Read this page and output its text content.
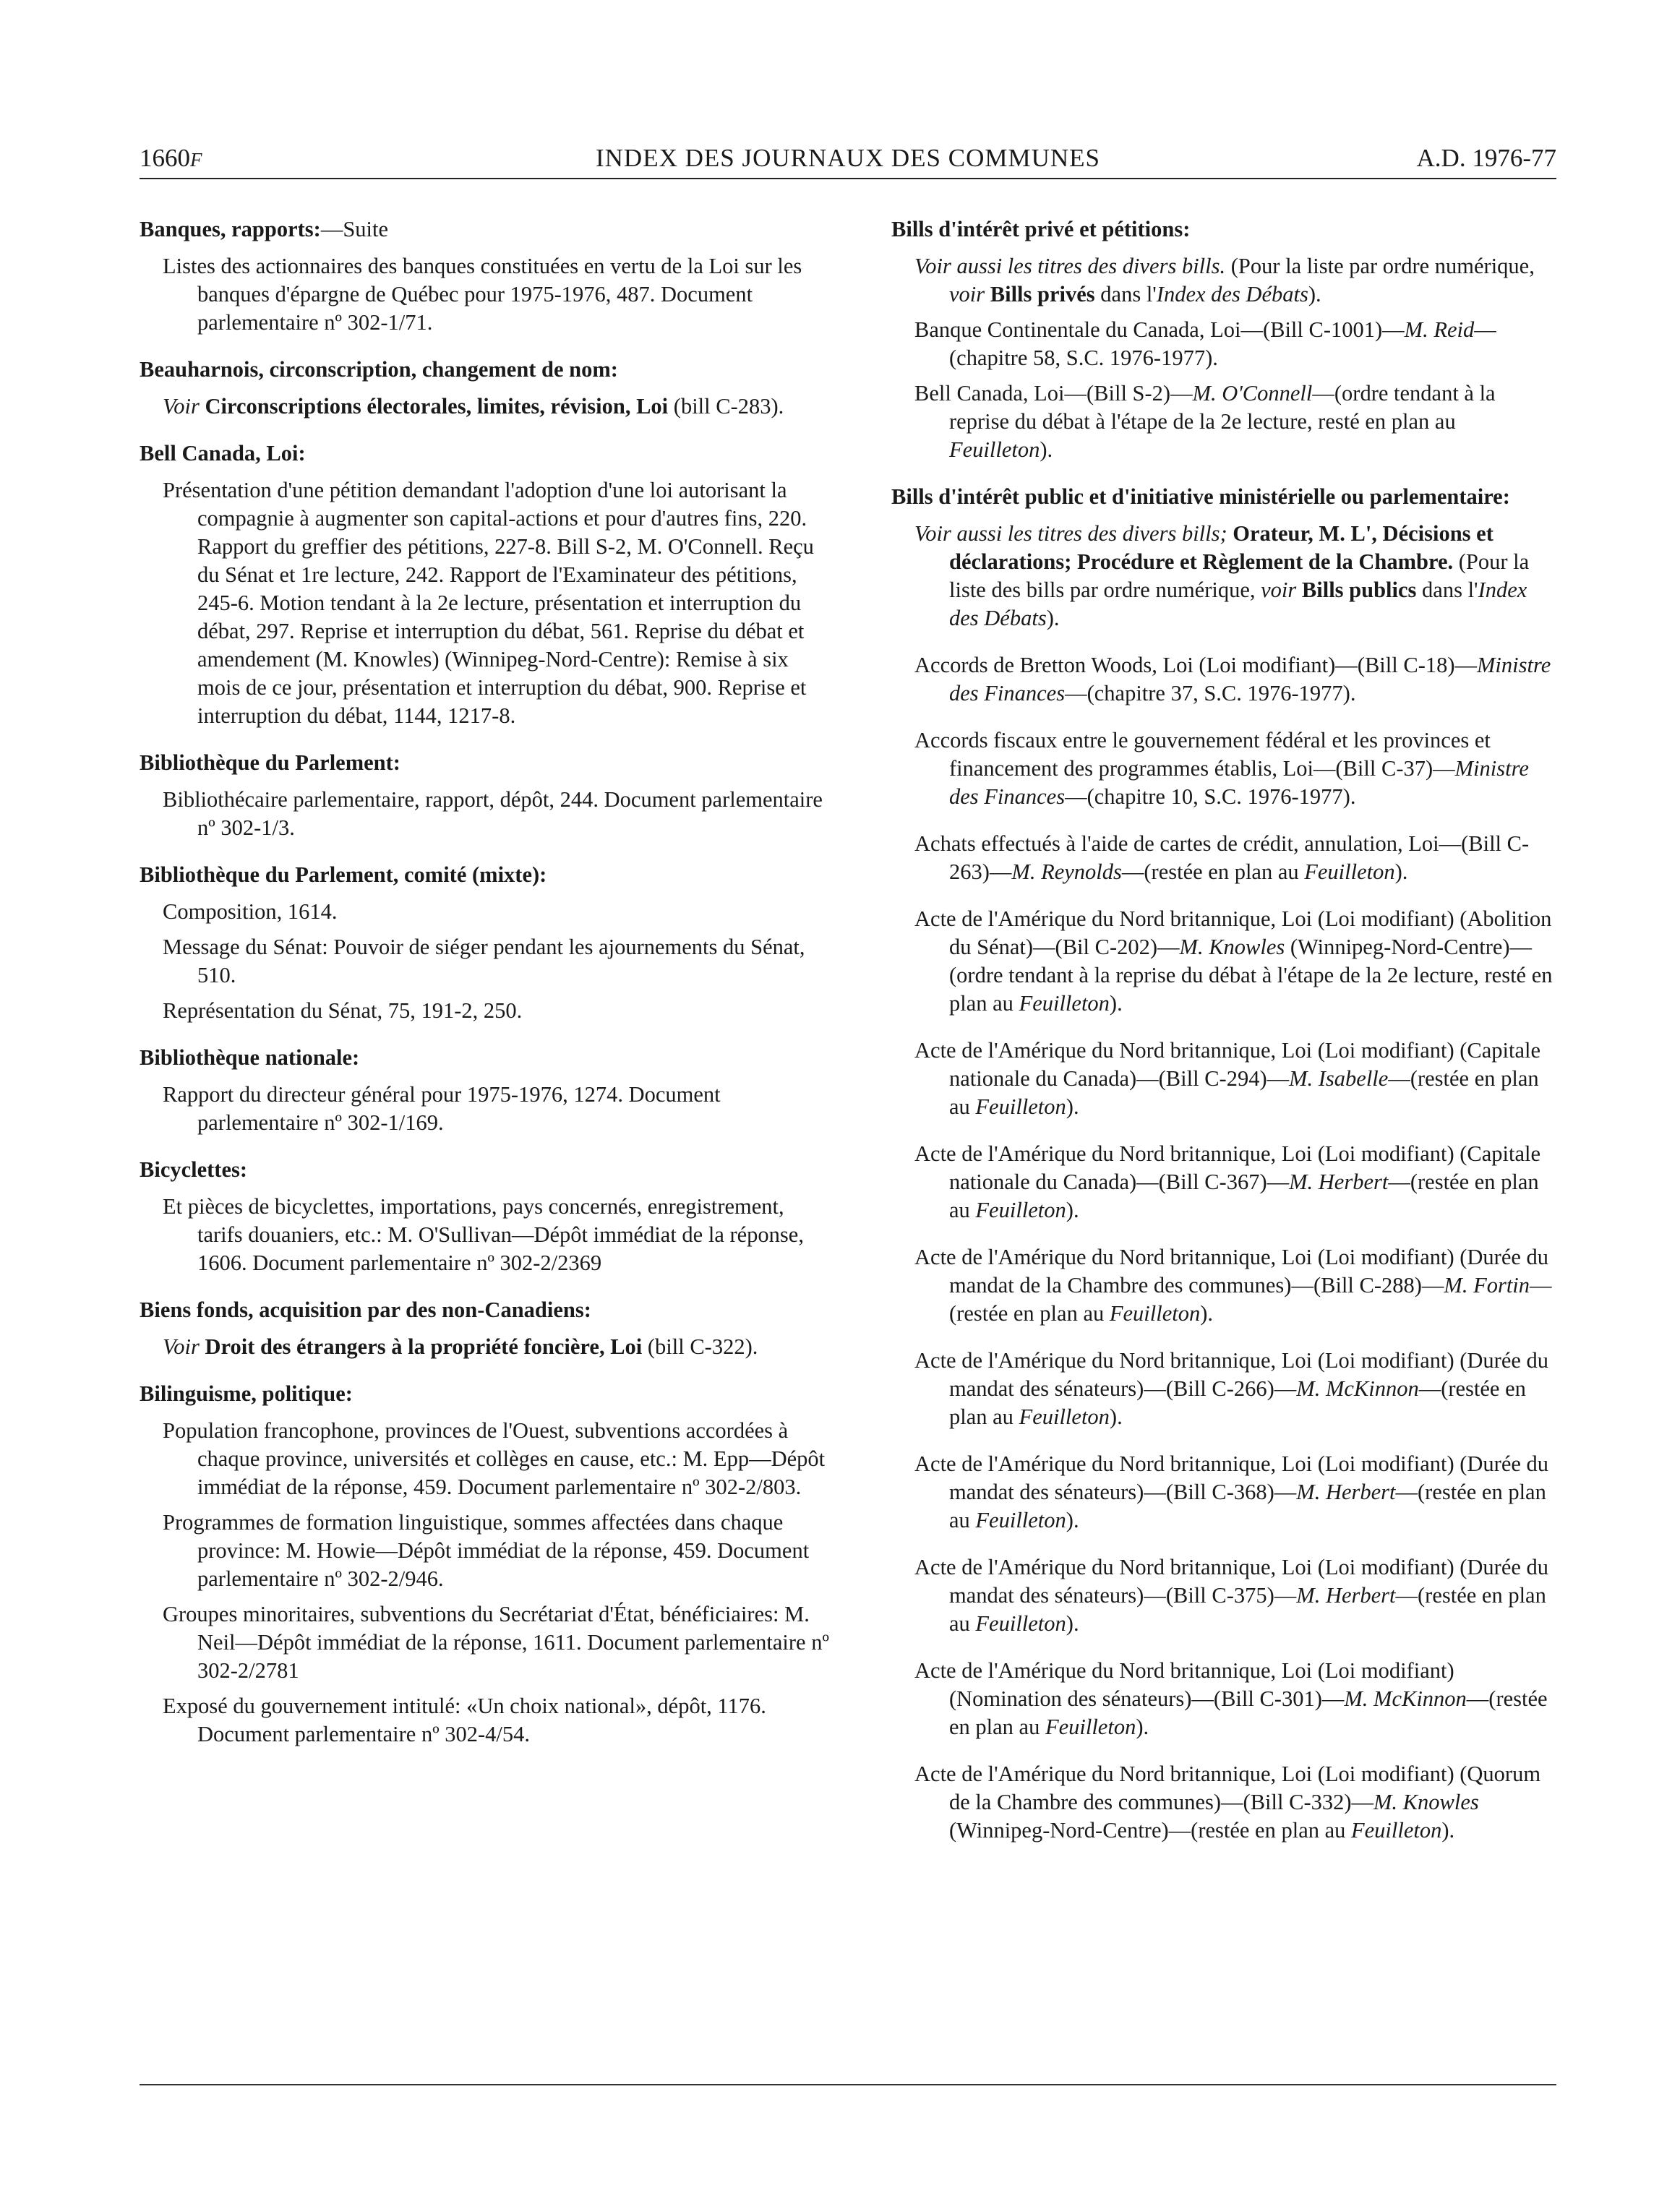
1660F	INDEX DES JOURNAUX DES COMMUNES	A.D. 1976-77
Banques, rapports:—Suite
Listes des actionnaires des banques constituées en vertu de la Loi sur les banques d'épargne de Québec pour 1975-1976, 487. Document parlementaire nº 302-1/71.
Beauharnois, circonscription, changement de nom:
Voir Circonscriptions électorales, limites, révision, Loi (bill C-283).
Bell Canada, Loi:
Présentation d'une pétition demandant l'adoption d'une loi autorisant la compagnie à augmenter son capital-actions et pour d'autres fins, 220. Rapport du greffier des pétitions, 227-8. Bill S-2, M. O'Connell. Reçu du Sénat et 1re lecture, 242. Rapport de l'Examinateur des pétitions, 245-6. Motion tendant à la 2e lecture, présentation et interruption du débat, 297. Reprise et interruption du débat, 561. Reprise du débat et amendement (M. Knowles) (Winnipeg-Nord-Centre): Remise à six mois de ce jour, présentation et interruption du débat, 900. Reprise et interruption du débat, 1144, 1217-8.
Bibliothèque du Parlement:
Bibliothécaire parlementaire, rapport, dépôt, 244. Document parlementaire nº 302-1/3.
Bibliothèque du Parlement, comité (mixte):
Composition, 1614.
Message du Sénat: Pouvoir de siéger pendant les ajournements du Sénat, 510.
Représentation du Sénat, 75, 191-2, 250.
Bibliothèque nationale:
Rapport du directeur général pour 1975-1976, 1274. Document parlementaire nº 302-1/169.
Bicyclettes:
Et pièces de bicyclettes, importations, pays concernés, enregistrement, tarifs douaniers, etc.: M. O'Sullivan—Dépôt immédiat de la réponse, 1606. Document parlementaire nº 302-2/2369
Biens fonds, acquisition par des non-Canadiens:
Voir Droit des étrangers à la propriété foncière, Loi (bill C-322).
Bilinguisme, politique:
Population francophone, provinces de l'Ouest, subventions accordées à chaque province, universités et collèges en cause, etc.: M. Epp—Dépôt immédiat de la réponse, 459. Document parlementaire nº 302-2/803.
Programmes de formation linguistique, sommes affectées dans chaque province: M. Howie—Dépôt immédiat de la réponse, 459. Document parlementaire nº 302-2/946.
Groupes minoritaires, subventions du Secrétariat d'État, bénéficiaires: M. Neil—Dépôt immédiat de la réponse, 1611. Document parlementaire nº 302-2/2781
Exposé du gouvernement intitulé: «Un choix national», dépôt, 1176. Document parlementaire nº 302-4/54.
Bills d'intérêt privé et pétitions:
Voir aussi les titres des divers bills. (Pour la liste par ordre numérique, voir Bills privés dans l'Index des Débats).
Banque Continentale du Canada, Loi—(Bill C-1001)—M. Reid—(chapitre 58, S.C. 1976-1977).
Bell Canada, Loi—(Bill S-2)—M. O'Connell—(ordre tendant à la reprise du débat à l'étape de la 2e lecture, resté en plan au Feuilleton).
Bills d'intérêt public et d'initiative ministérielle ou parlementaire:
Voir aussi les titres des divers bills; Orateur, M. L', Décisions et déclarations; Procédure et Règlement de la Chambre. (Pour la liste des bills par ordre numérique, voir Bills publics dans l'Index des Débats).
Accords de Bretton Woods, Loi (Loi modifiant)—(Bill C-18)—Ministre des Finances—(chapitre 37, S.C. 1976-1977).
Accords fiscaux entre le gouvernement fédéral et les provinces et financement des programmes établis, Loi—(Bill C-37)—Ministre des Finances—(chapitre 10, S.C. 1976-1977).
Achats effectués à l'aide de cartes de crédit, annulation, Loi—(Bill C-263)—M. Reynolds—(restée en plan au Feuilleton).
Acte de l'Amérique du Nord britannique, Loi (Loi modifiant) (Abolition du Sénat)—(Bil C-202)—M. Knowles (Winnipeg-Nord-Centre)—(ordre tendant à la reprise du débat à l'étape de la 2e lecture, resté en plan au Feuilleton).
Acte de l'Amérique du Nord britannique, Loi (Loi modifiant) (Capitale nationale du Canada)—(Bill C-294)—M. Isabelle—(restée en plan au Feuilleton).
Acte de l'Amérique du Nord britannique, Loi (Loi modifiant) (Capitale nationale du Canada)—(Bill C-367)—M. Herbert—(restée en plan au Feuilleton).
Acte de l'Amérique du Nord britannique, Loi (Loi modifiant) (Durée du mandat de la Chambre des communes)—(Bill C-288)—M. Fortin—(restée en plan au Feuilleton).
Acte de l'Amérique du Nord britannique, Loi (Loi modifiant) (Durée du mandat des sénateurs)—(Bill C-266)—M. McKinnon—(restée en plan au Feuilleton).
Acte de l'Amérique du Nord britannique, Loi (Loi modifiant) (Durée du mandat des sénateurs)—(Bill C-368)—M. Herbert—(restée en plan au Feuilleton).
Acte de l'Amérique du Nord britannique, Loi (Loi modifiant) (Durée du mandat des sénateurs)—(Bill C-375)—M. Herbert—(restée en plan au Feuilleton).
Acte de l'Amérique du Nord britannique, Loi (Loi modifiant) (Nomination des sénateurs)—(Bill C-301)—M. McKinnon—(restée en plan au Feuilleton).
Acte de l'Amérique du Nord britannique, Loi (Loi modifiant) (Quorum de la Chambre des communes)—(Bill C-332)—M. Knowles (Winnipeg-Nord-Centre)—(restée en plan au Feuilleton).
